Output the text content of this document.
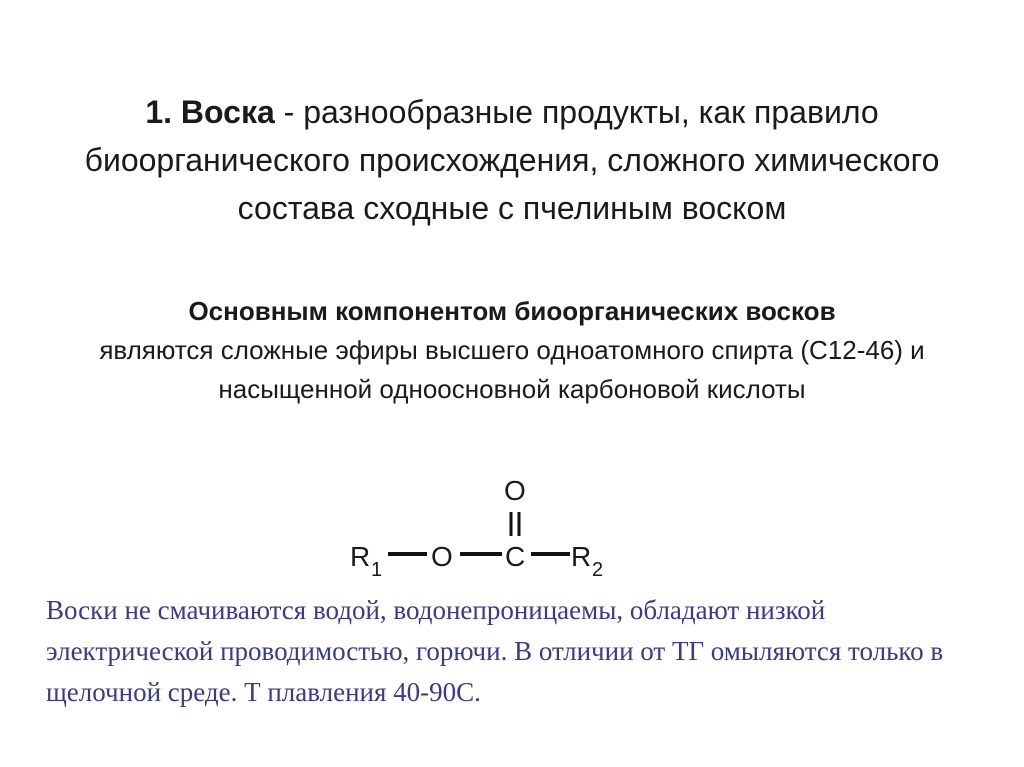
1. Воска - разнообразные продукты, как правило биоорганического происхождения, сложного химического состава сходные с пчелиным воском
Основным компонентом биоорганических восков
являются сложные эфиры высшего одноатомного спирта (С12-46) и насыщенной одноосновной карбоновой кислоты
R 1 O C
O
R 2
Воски не смачиваются водой, водонепроницаемы, обладают низкой электрической проводимостью, горючи. В отличии от ТГ омыляются только в щелочной среде. Т плавления 40-90С.
